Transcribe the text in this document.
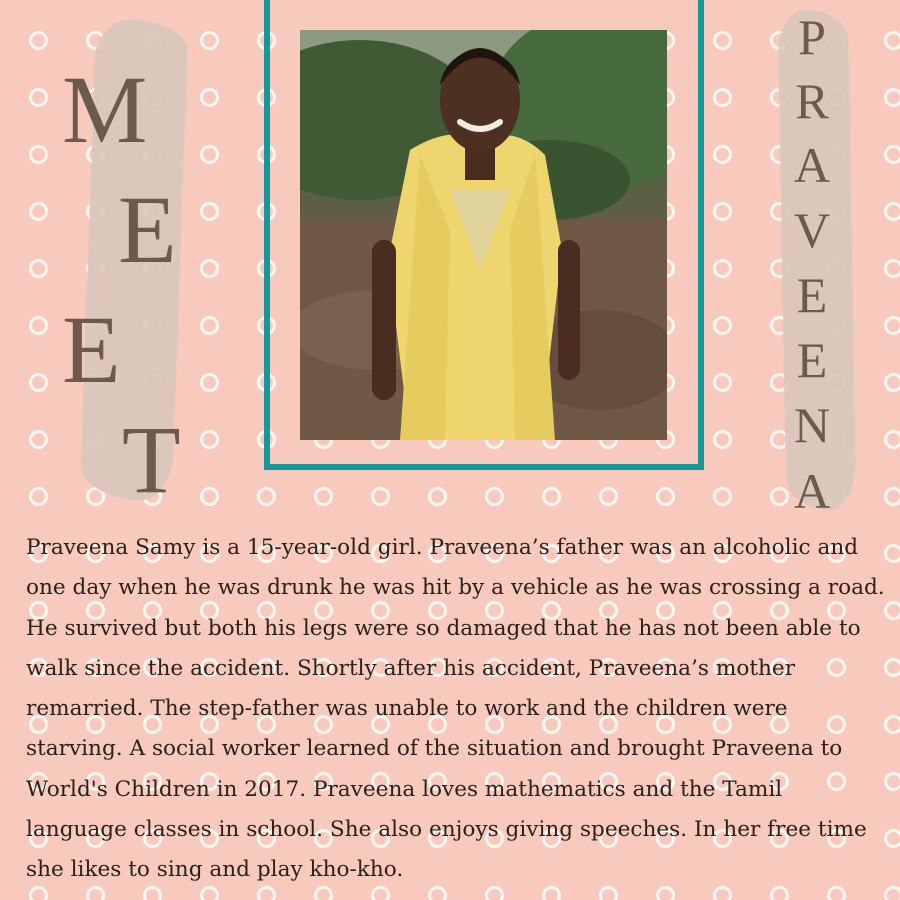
M
E
E
T
P
R
A
V
E
E
N
A

Praveena Samy is a 15-year-old girl. Praveena’s father was an alcoholic and one day when he was drunk he was hit by a vehicle as he was crossing a road. He survived but both his legs were so damaged that he has not been able to walk since the accident. Shortly after his accident, Praveena’s mother remarried. The step-father was unable to work and the children were starving. A social worker learned of the situation and brought Praveena to World's Children in 2017. Praveena loves mathematics and the Tamil language classes in school. She also enjoys giving speeches. In her free time she likes to sing and play kho-kho.
